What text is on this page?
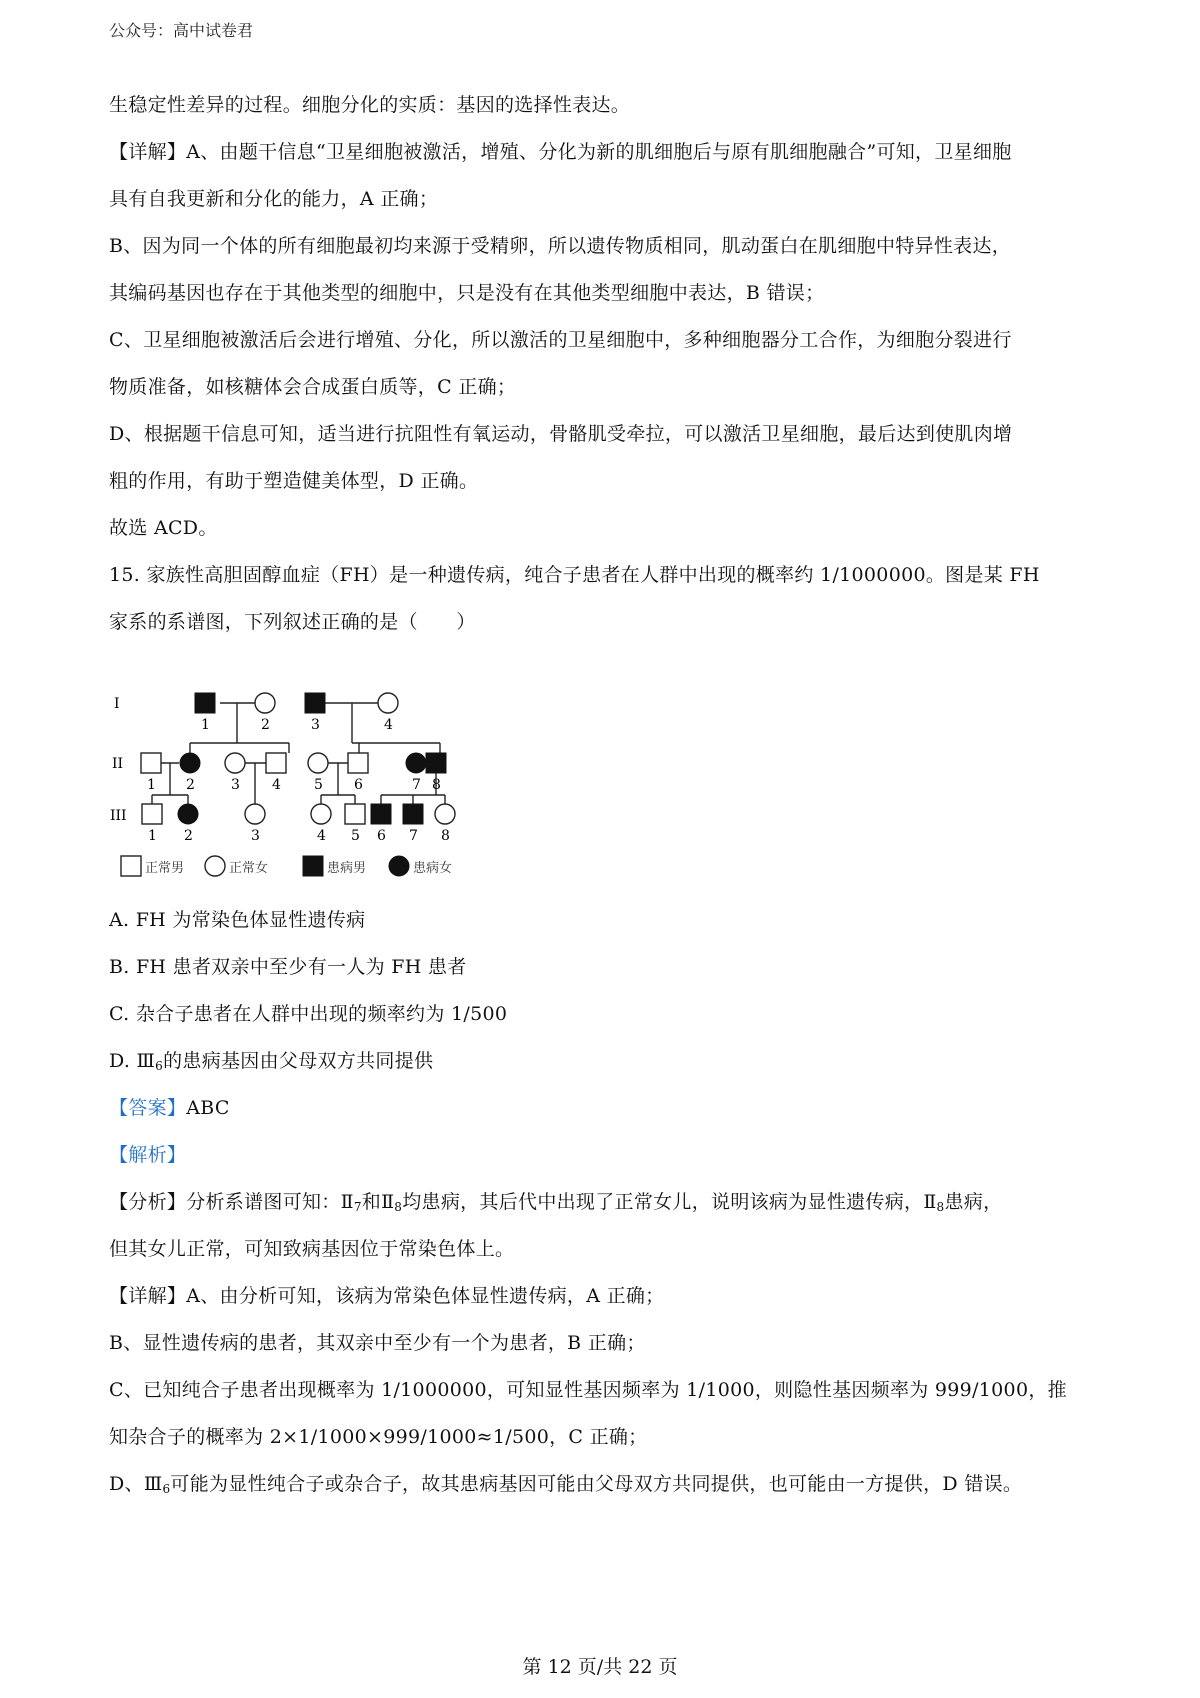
公众号：高中试卷君
生稳定性差异的过程。细胞分化的实质：基因的选择性表达。
【详解】A、由题干信息“卫星细胞被激活，增殖、分化为新的肌细胞后与原有肌细胞融合”可知，卫星细胞
具有自我更新和分化的能力，A 正确；
B、因为同一个体的所有细胞最初均来源于受精卵，所以遗传物质相同，肌动蛋白在肌细胞中特异性表达，
其编码基因也存在于其他类型的细胞中，只是没有在其他类型细胞中表达，B 错误；
C、卫星细胞被激活后会进行增殖、分化，所以激活的卫星细胞中，多种细胞器分工合作，为细胞分裂进行
物质准备，如核糖体会合成蛋白质等，C 正确；
D、根据题干信息可知，适当进行抗阻性有氧运动，骨骼肌受牵拉，可以激活卫星细胞，最后达到使肌肉增
粗的作用，有助于塑造健美体型，D 正确。
故选 ACD。
15. 家族性高胆固醇血症（FH）是一种遗传病，纯合子患者在人群中出现的概率约 1/1000000。图是某 FH
家系的系谱图，下列叙述正确的是（　　）
A. FH 为常染色体显性遗传病
B. FH 患者双亲中至少有一人为 FH 患者
C. 杂合子患者在人群中出现的频率约为 1/500
D. $Ⅲ_6$的患病基因由父母双方共同提供
【答案】ABC
【解析】
【分析】分析系谱图可知：$Ⅱ_7$和$Ⅱ_8$均患病，其后代中出现了正常女儿，说明该病为显性遗传病，$Ⅱ_8$患病，
但其女儿正常，可知致病基因位于常染色体上。
【详解】A、由分析可知，该病为常染色体显性遗传病，A 正确；
B、显性遗传病的患者，其双亲中至少有一个为患者，B 正确；
C、已知纯合子患者出现概率为 1/1000000，可知显性基因频率为 1/1000，则隐性基因频率为 999/1000，推
知杂合子的概率为 2×1/1000×999/1000≈1/500，C 正确；
D、$Ⅲ_6$可能为显性纯合子或杂合子，故其患病基因可能由父母双方共同提供，也可能由一方提供，D 错误。
I
II
III
1	2	3	4
1 2	3 4 5 6	7 8
1 2	3	4 5 6 7 8
正常男	正常女	患病男	患病女
第 12 页/共 22 页
